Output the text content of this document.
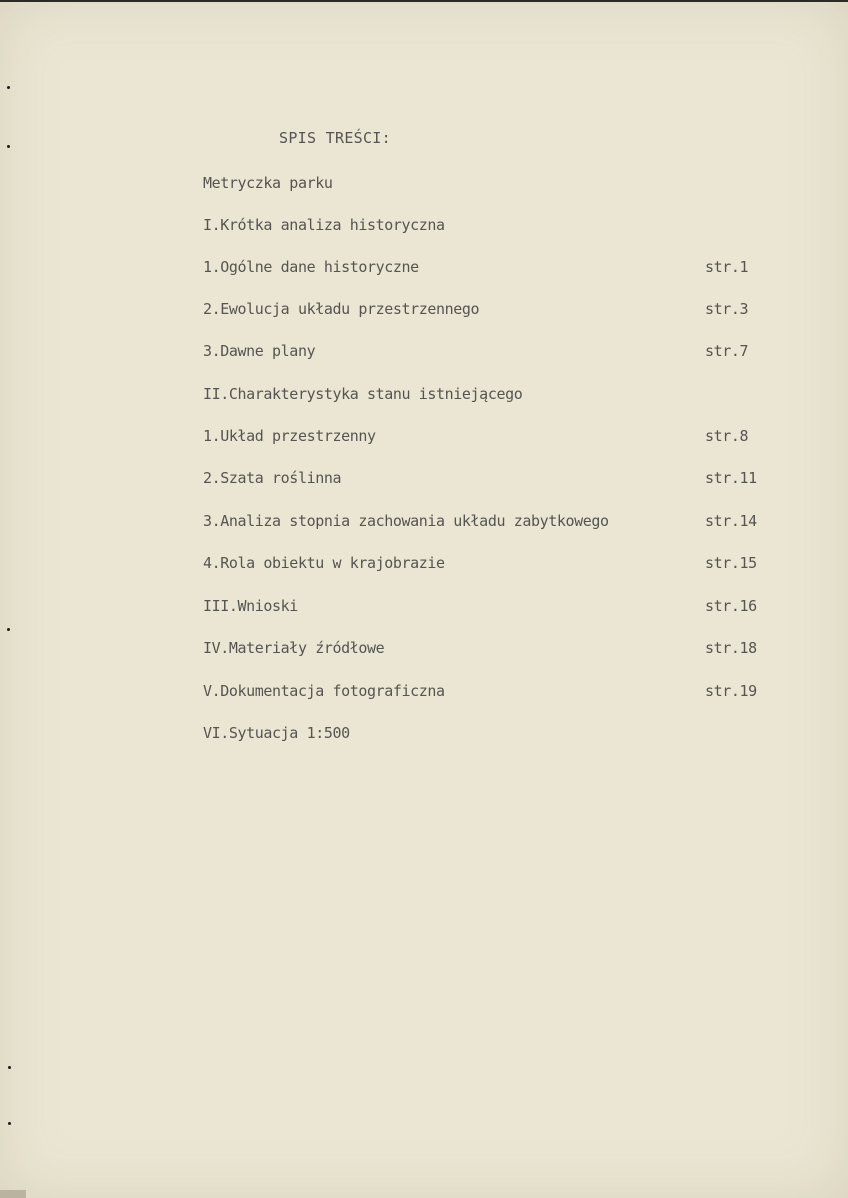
SPIS TREŚCI:
Metryczka parku
I.Krótka analiza historyczna
1.Ogólne dane historyczne	str.1
2.Ewolucja układu przestrzennego	str.3
3.Dawne plany	str.7
II.Charakterystyka stanu istniejącego
1.Układ przestrzenny	str.8
2.Szata roślinna	str.11
3.Analiza stopnia zachowania układu zabytkowego	str.14
4.Rola obiektu w krajobrazie	str.15
III.Wnioski	str.16
IV.Materiały źródłowe	str.18
V.Dokumentacja fotograficzna	str.19
VI.Sytuacja 1:500
